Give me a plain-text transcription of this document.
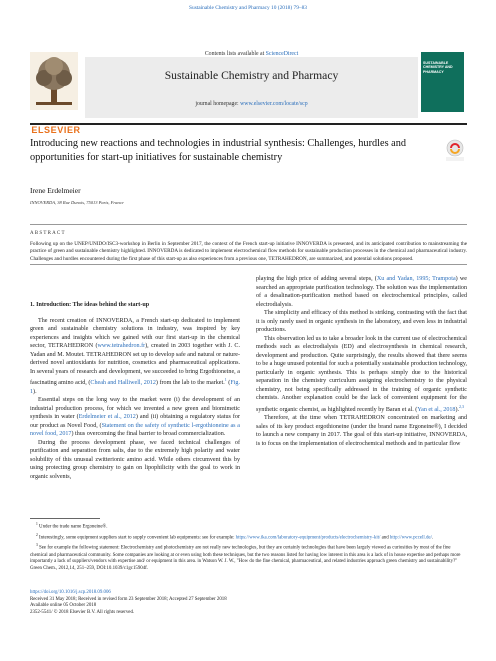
Sustainable Chemistry and Pharmacy 10 (2018) 79–83
ELSEVIER
Contents lists available at ScienceDirect
Sustainable Chemistry and Pharmacy
journal homepage: www.elsevier.com/locate/scp
SUSTAINABLE CHEMISTRY AND PHARMACY
Introducing new reactions and technologies in industrial synthesis: Challenges, hurdles and opportunities for start-up initiatives for sustainable chemistry
Irene Erdelmeier
INNOVERDA, 38 Rue Dunois, 75013 Paris, France
ABSTRACT
Following up on the UNEP/UNIDO/ISC3-workshop in Berlin in September 2017, the context of the French start-up initiative INNOVERDA is presented, and its anticipated contribution to mainstreaming the practice of green and sustainable chemistry highlighted. INNOVERDA is dedicated to implement electrochemical flow methods for sustainable production processes in the chemical and pharmaceutical industry. Challenges and hurdles encountered during the first phase of this start-up as also experiences from a previous one, TETRAHEDRON, are summarized, and potential solutions proposed.

1. Introduction: The ideas behind the start-up

The recent creation of INNOVERDA, a French start-up dedicated to implement green and sustainable chemistry solutions in industry, was inspired by key experiences and insights which we gained with our first start-up in the chemical sector, TETRAHEDRON (www.tetrahedron.fr), created in 2003 together with J. C. Yadan and M. Moutet. TETRAHEDRON set up to develop safe and natural or nature-derived novel antioxidants for nutrition, cosmetics and pharmaceutical applications. In several years of research and development, we succeeded to bring Ergothioneine, a fascinating amino acid, (Cheah and Halliwell, 2012) from the lab to the market.$^1$ (Fig. 1).

Essential steps on the long way to the market were (i) the development of an industrial production process, for which we invented a new green and biomimetic synthesis in water (Erdelmeier et al., 2012) and (ii) obtaining a regulatory status for our product as Novel Food, (Statement on the safety of synthetic l-ergothioneine as a novel food, 2017) thus overcoming the final barrier to broad commercialization.

During the process development phase, we faced technical challenges of purification and separation from salts, due to the extremely high polarity and water solubility of this unusual zwitterionic amino acid. While others circumvent this by using protecting group chemistry to gain on lipophilicity with the goal to work in organic solvents,

playing the high price of adding several steps, (Xu and Yadan, 1995; Trampota) we searched an appropriate purification technology. The solution was the implementation of a desalination-purification method based on electrochemical principles, called electrodialysis.

The simplicity and efficacy of this method is striking, contrasting with the fact that it is only rarely used in organic synthesis in the laboratory, and even less in industrial productions.

This observation led us to take a broader look in the current use of electrochemical methods such as electrodialysis (ED) and electrosynthesis in chemical research, development and production. Quite surprisingly, the results showed that there seems to be a huge unused potential for such a potentially sustainable production technology, particularly in organic synthesis. This is perhaps simply due to the historical separation in the chemistry curriculum assigning electrochemistry to the physical chemistry, not being specifically addressed in the training of organic synthetic chemists. Another explanation could be the lack of convenient equipment for the synthetic organic chemist, as highlighted recently by Baran et al. (Yan et al., 2018).$^{2,3}$

Therefore, at the time when TETRAHEDRON concentrated on marketing and sales of its key product ergothioneine (under the brand name Ergoneine®), I decided to launch a new company in 2017. The goal of this start-up initiative, INNOVERDA, is to focus on the implementation of electrochemical methods and in particular flow

$^1$ Under the trade name Ergoneine®.

$^2$ Interestingly, some equipment suppliers start to supply convenient lab equipments: see for example: https://www.ika.com/laboratory-equipment/products/electrochemistry-kit/ and http://www.pccell.de/.

$^3$ See for example the following statement: Electrochemistry and photochemistry are not really new technologies, but they are certainly technologies that have been largely viewed as curiosities by most of the fine chemical and pharmaceutical community. Some companies are looking at or even using both these techniques, but the two reasons listed for having low interest in this area is a lack of in house expertise and perhaps more importantly a lack of suppliers/vendors with expertise and/ or equipment in this area. in Watson W. J. W., "How do the fine chemical, pharmaceutical, and related industries approach green chemistry and sustainability?" Green Chem., 2012,14, 251–259, DOI:10.1039/c1gc15904f.

https://doi.org/10.1016/j.scp.2018.09.006
Received 31 May 2018; Received in revised form 23 September 2018; Accepted 27 September 2018
Available online 05 October 2018
2352-5541/ © 2018 Elsevier B.V. All rights reserved.
